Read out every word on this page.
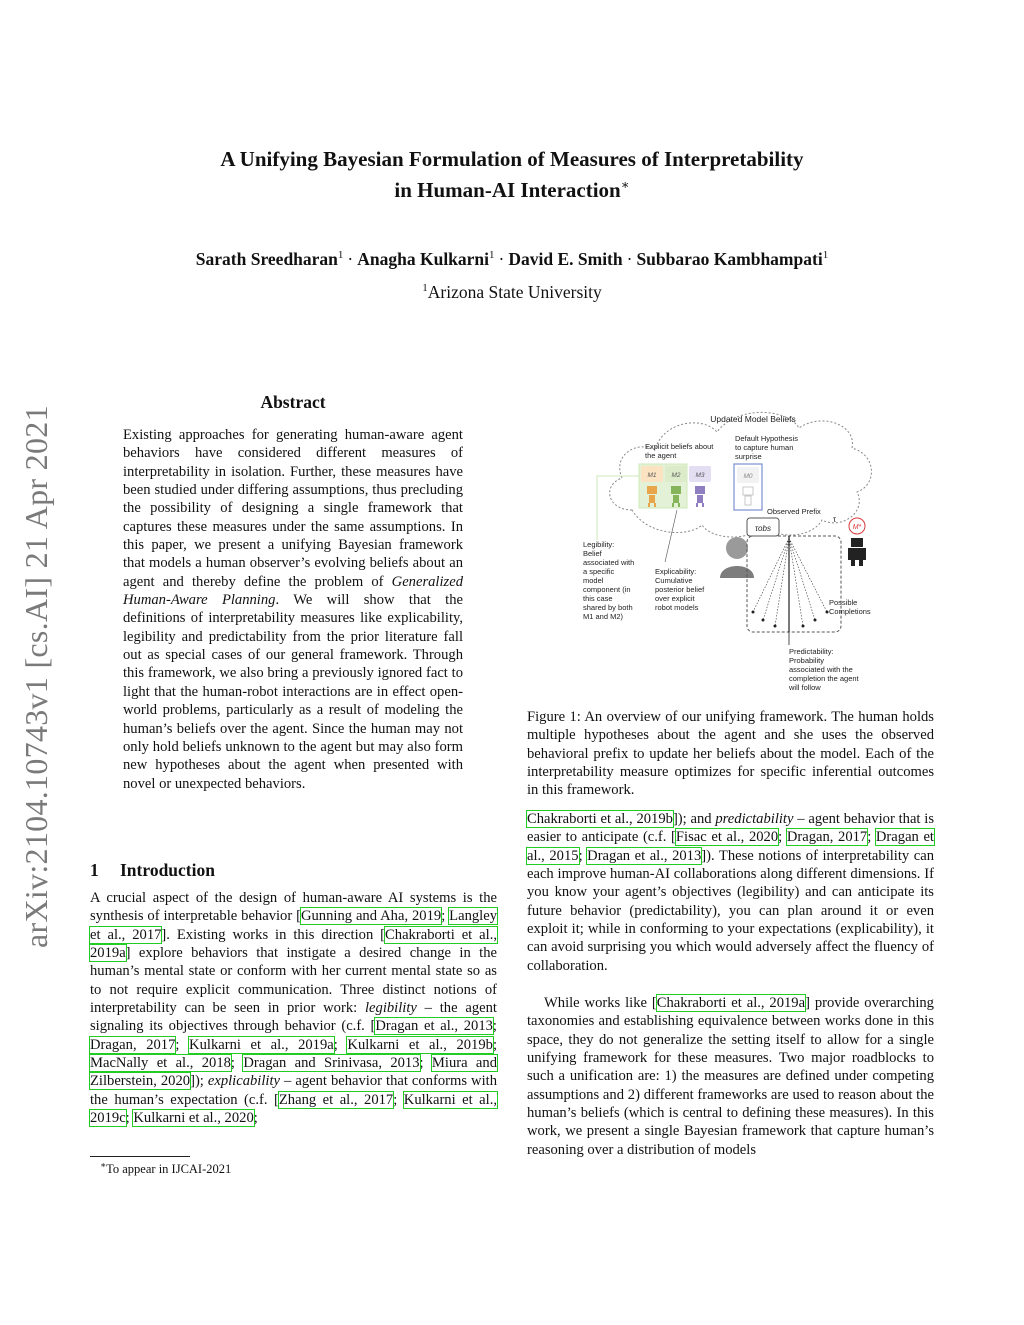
arXiv:2104.10743v1 [cs.AI] 21 Apr 2021
A Unifying Bayesian Formulation of Measures of Interpretability
in Human-AI Interaction∗
Sarath Sreedharan$^1$ · Anagha Kulkarni$^1$ · David E. Smith · Subbarao Kambhampati$^1$
$^1$Arizona State University
Abstract
Existing approaches for generating human-aware agent behaviors have considered different measures of interpretability in isolation. Further, these measures have been studied under differing assumptions, thus precluding the possibility of designing a single framework that captures these measures under the same assumptions. In this paper, we present a unifying Bayesian framework that models a human observer’s evolving beliefs about an agent and thereby define the problem of Generalized Human-Aware Planning. We will show that the definitions of interpretability measures like explicability, legibility and predictability from the prior literature fall out as special cases of our general framework. Through this framework, we also bring a previously ignored fact to light that the human-robot interactions are in effect open-world problems, particularly as a result of modeling the human’s beliefs over the agent. Since the human may not only hold beliefs unknown to the agent but may also form new hypotheses about the agent when presented with novel or unexpected behaviors.
1 Introduction
A crucial aspect of the design of human-aware AI systems is the synthesis of interpretable behavior [Gunning and Aha, 2019; Langley et al., 2017]. Existing works in this direction [Chakraborti et al., 2019a] explore behaviors that instigate a desired change in the human’s mental state or conform with her current mental state so as to not require explicit communication. Three distinct notions of interpretability can be seen in prior work: legibility – the agent signaling its objectives through behavior (c.f. [Dragan et al., 2013; Dragan, 2017; Kulkarni et al., 2019a; Kulkarni et al., 2019b; MacNally et al., 2018; Dragan and Srinivasa, 2013; Miura and Zilberstein, 2020]); explicability – agent behavior that conforms with the human’s expectation (c.f. [Zhang et al., 2017; Kulkarni et al., 2019c; Kulkarni et al., 2020;
Updated Model Beliefs
Explicit beliefs about
the agent
Default Hypothesis
to capture human
surprise
M1 M2 M3	M0
Observed Prefix
τobs
τ
M*
Legibility:
Belief
associated with
a specific
model
component (in
this case
shared by both
M1 and M2)
Explicability:
Cumulative
posterior belief
over explicit
robot models
Possible
Completions
Predictability:
Probability
associated with the
completion the agent
will follow
Figure 1: An overview of our unifying framework. The human holds multiple hypotheses about the agent and she uses the observed behavioral prefix to update her beliefs about the model. Each of the interpretability measure optimizes for specific inferential outcomes in this framework.
Chakraborti et al., 2019b]); and predictability – agent behavior that is easier to anticipate (c.f. [Fisac et al., 2020; Dragan, 2017; Dragan et al., 2015; Dragan et al., 2013]). These notions of interpretability can each improve human-AI collaborations along different dimensions. If you know your agent’s objectives (legibility) and can anticipate its future behavior (predictability), you can plan around it or even exploit it; while in conforming to your expectations (explicability), it can avoid surprising you which would adversely affect the fluency of collaboration.
While works like [Chakraborti et al., 2019a] provide overarching taxonomies and establishing equivalence between works done in this space, they do not generalize the setting itself to allow for a single unifying framework for these measures. Two major roadblocks to such a unification are: 1) the measures are defined under competing assumptions and 2) different frameworks are used to reason about the human’s beliefs (which is central to defining these measures). In this work, we present a single Bayesian framework that capture human’s reasoning over a distribution of models
∗To appear in IJCAI-2021
